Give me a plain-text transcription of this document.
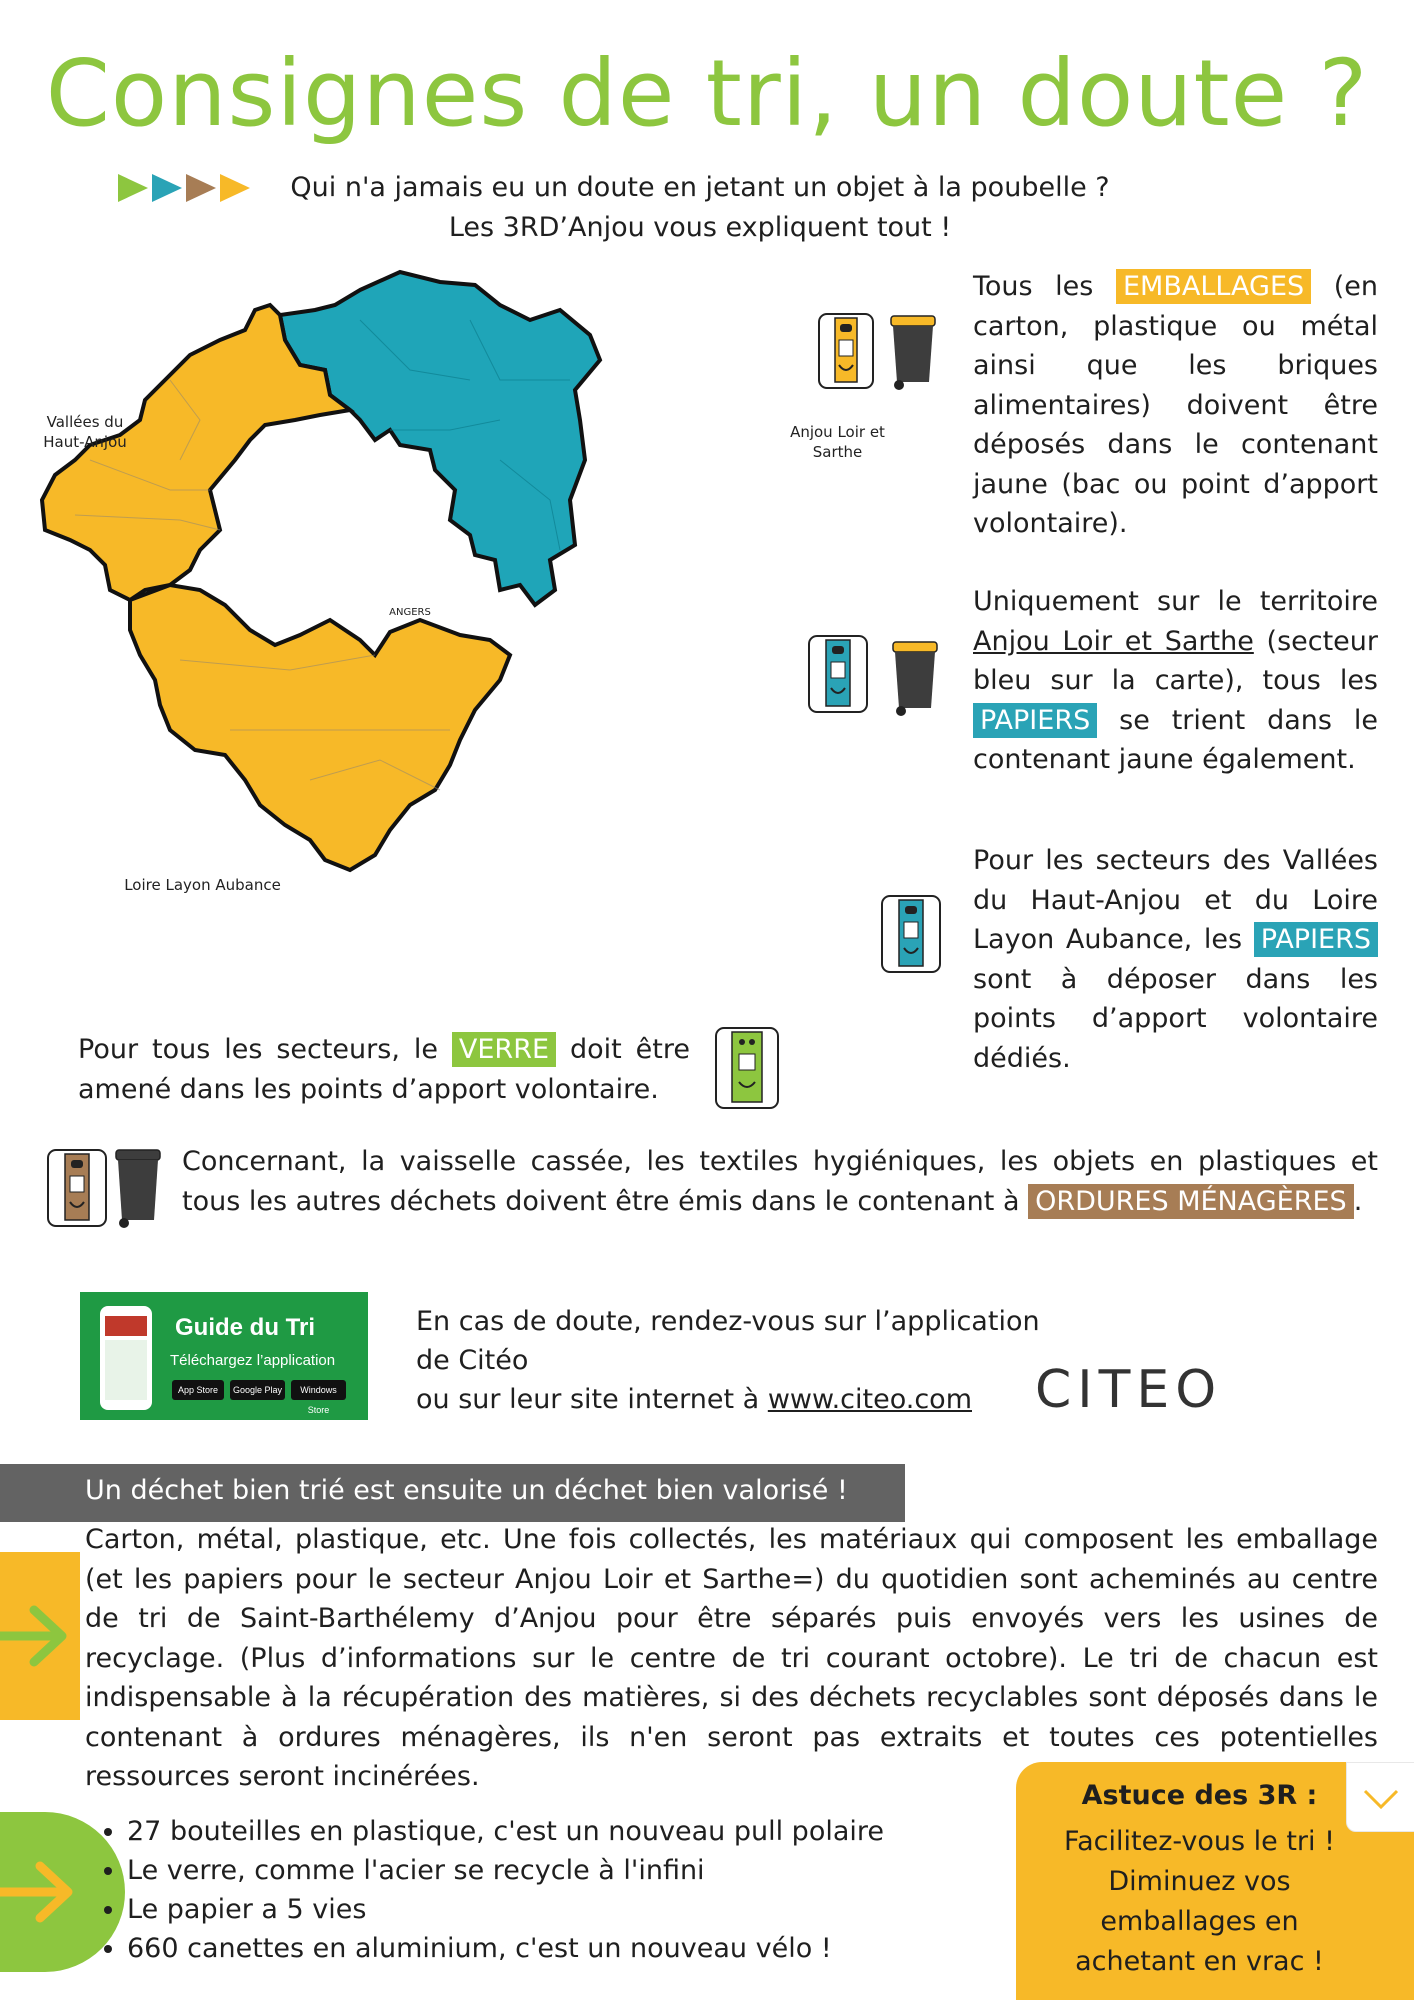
Consignes de tri, un doute ?
Qui n'a jamais eu un doute en jetant un objet à la poubelle ?
Les 3RD’Anjou vous expliquent tout !
Vallées du Haut-Anjou
Anjou Loir et Sarthe
Loire Layon Aubance
ANGERS
Tous les EMBALLAGES (en carton, plastique ou métal ainsi que les briques alimentaires) doivent être déposés dans le contenant jaune (bac ou point d’apport volontaire).
Uniquement sur le territoire Anjou Loir et Sarthe (secteur bleu sur la carte), tous les PAPIERS se trient dans le contenant jaune également.
Pour les secteurs des Vallées du Haut-Anjou et du Loire Layon Aubance, les PAPIERS sont à déposer dans les points d’apport volontaire dédiés.
Pour tous les secteurs, le VERRE doit être amené dans les points d’apport volontaire.
Concernant, la vaisselle cassée, les textiles hygiéniques, les objets en plastiques et tous les autres déchets doivent être émis dans le contenant à ORDURES MÉNAGÈRES .
Guide du Tri
Téléchargez l’application
App Store	Google Play	Windows Store
En cas de doute, rendez-vous sur l’application de Citéo
ou sur leur site internet à www.citeo.com	CITEO
Un déchet bien trié est ensuite un déchet bien valorisé !
Carton, métal, plastique, etc. Une fois collectés, les matériaux qui composent les emballage (et les papiers pour le secteur Anjou Loir et Sarthe=) du quotidien sont acheminés au centre de tri de Saint-Barthélemy d’Anjou pour être séparés puis envoyés vers les usines de recyclage. (Plus d’informations sur le centre de tri courant octobre). Le tri de chacun est indispensable à la récupération des matières, si des déchets recyclables sont déposés dans le contenant à ordures ménagères, ils n'en seront pas extraits et toutes ces potentielles ressources seront incinérées.
• 27 bouteilles en plastique, c'est un nouveau pull polaire
• Le verre, comme l'acier se recycle à l'infini
• Le papier a 5 vies
• 660 canettes en aluminium, c'est un nouveau vélo !
Astuce des 3R :
Facilitez-vous le tri !
Diminuez vos
emballages en
achetant en vrac !
